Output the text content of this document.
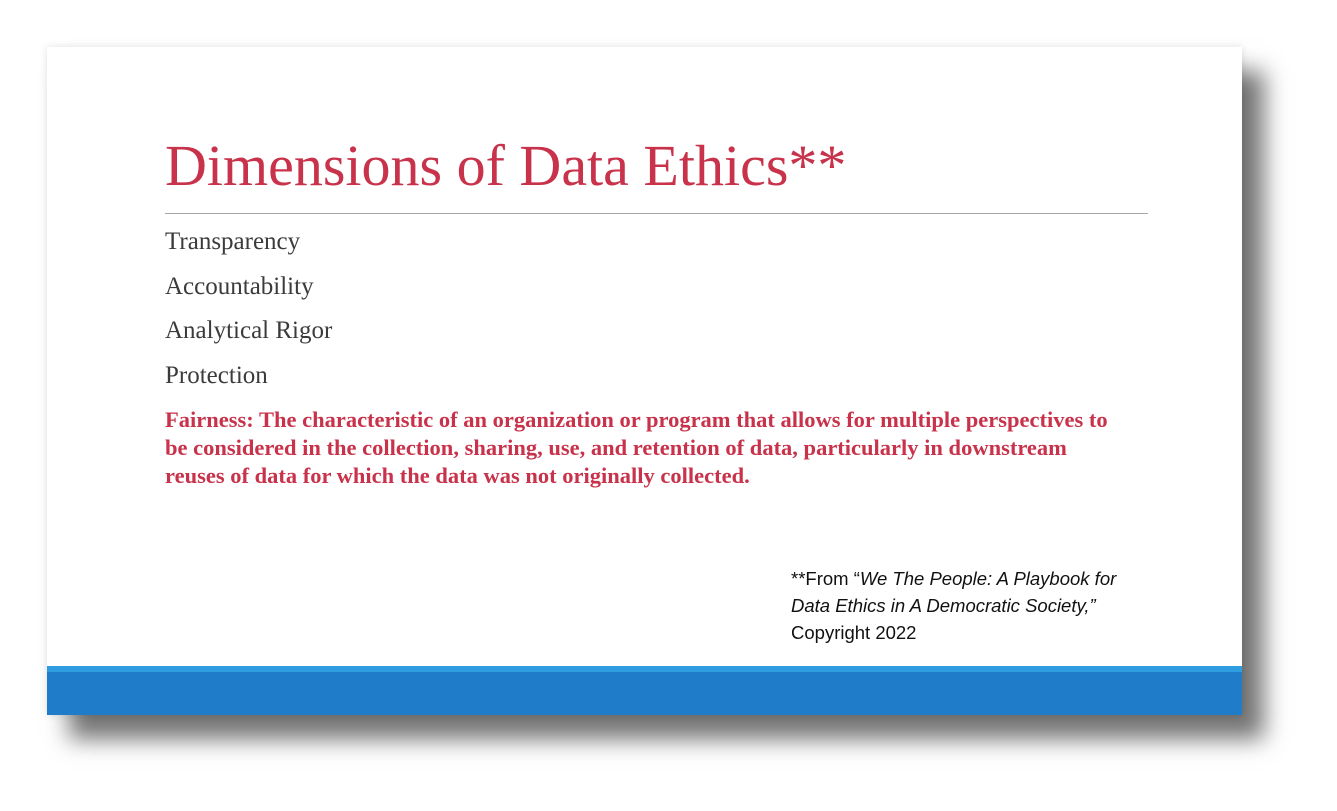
Dimensions of Data Ethics**
Transparency
Accountability
Analytical Rigor
Protection

Fairness: The characteristic of an organization or program that allows for multiple perspectives to be considered in the collection, sharing, use, and retention of data, particularly in downstream reuses of data for which the data was not originally collected.

**From “We The People: A Playbook for Data Ethics in A Democratic Society,” Copyright 2022
